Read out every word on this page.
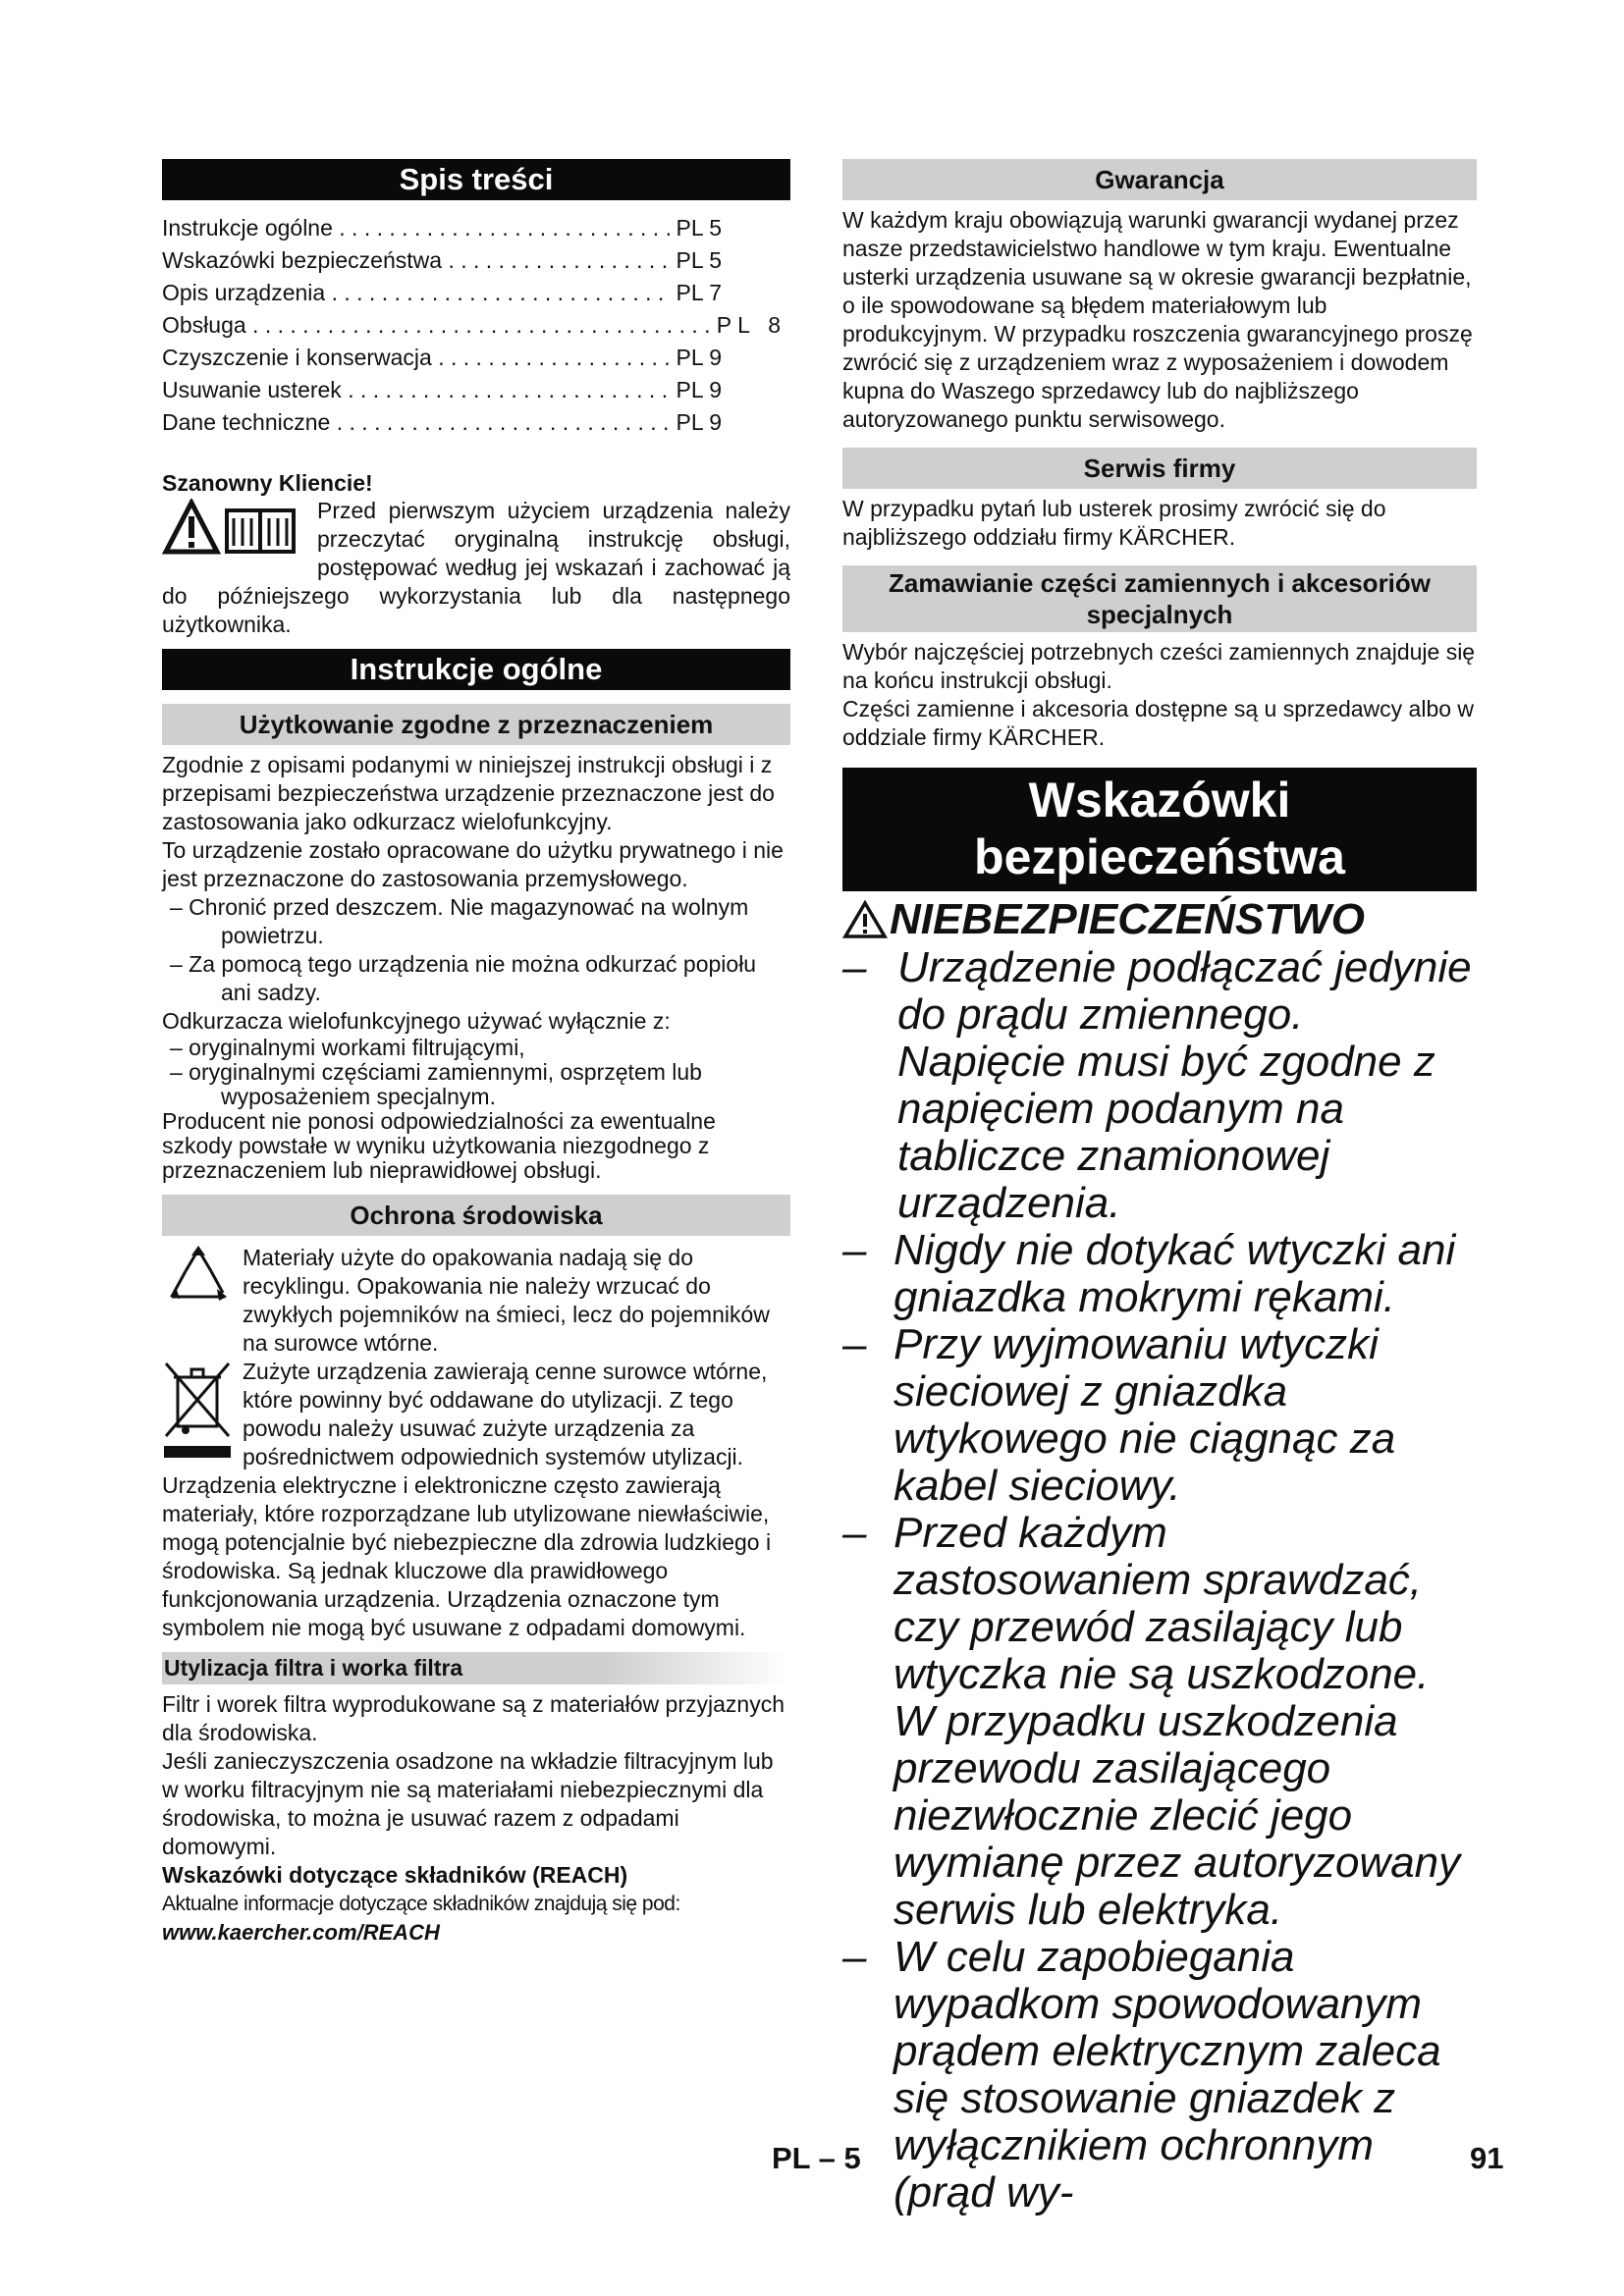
Spis treści
Instrukcje ogólne . . .	PL 5
Wskazówki bezpieczeństwa . . .	PL 5
Opis urządzenia . . .	PL 7
Obsługa . . .	P L   8
Czyszczenie i konserwacja . . .	PL 9
Usuwanie usterek . . .	PL 9
Dane techniczne . . .	PL 9
Szanowny Kliencie!

Przed pierwszym użyciem urządzenia należy przeczytać oryginalną instrukcję obsługi, postępować według jej wskazań i zachować ją do późniejszego wykorzystania lub dla następnego użytkownika.

Instrukcje ogólne
Użytkowanie zgodne z przeznaczeniem

Zgodnie z opisami podanymi w niniejszej instrukcji obsługi i z przepisami bezpieczeństwa urządzenie przeznaczone jest do zastosowania jako odkurzacz wielofunkcyjny.

To urządzenie zostało opracowane do użytku prywatnego i nie jest przeznaczone do zastosowania przemysłowego.

– Chronić przed deszczem. Nie magazynować na wolnym powietrzu.

– Za pomocą tego urządzenia nie można odkurzać popiołu ani sadzy.

Odkurzacza wielofunkcyjnego używać wyłącznie z:

– oryginalnymi workami filtrującymi,

– oryginalnymi częściami zamiennymi, osprzętem lub wyposażeniem specjalnym.

Producent nie ponosi odpowiedzialności za ewentualne szkody powstałe w wyniku użytkowania niezgodnego z przeznaczeniem lub nieprawidłowej obsługi.

Ochrona środowiska

Materiały użyte do opakowania nadają się do recyklingu. Opakowania nie należy wrzucać do zwykłych pojemników na śmieci, lecz do pojemników na surowce wtórne.

Zużyte urządzenia zawierają cenne surowce wtórne, które powinny być oddawane do utylizacji. Z tego powodu należy usuwać zużyte urządzenia za pośrednictwem odpowiednich systemów utylizacji.

Urządzenia elektryczne i elektroniczne często zawierają materiały, które rozporządzane lub utylizowane niewłaściwie, mogą potencjalnie być niebezpieczne dla zdrowia ludzkiego i środowiska. Są jednak kluczowe dla prawidłowego funkcjonowania urządzenia. Urządzenia oznaczone tym symbolem nie mogą być usuwane z odpadami domowymi.

Utylizacja filtra i worka filtra

Filtr i worek filtra wyprodukowane są z materiałów przyjaznych dla środowiska.

Jeśli zanieczyszczenia osadzone na wkładzie filtracyjnym lub w worku filtracyjnym nie są materiałami niebezpiecznymi dla środowiska, to można je usuwać razem z odpadami domowymi.

Wskazówki dotyczące składników (REACH)

Aktualne informacje dotyczące składników znajdują się pod:

www.kaercher.com/REACH
Gwarancja

W każdym kraju obowiązują warunki gwarancji wydanej przez nasze przedstawicielstwo handlowe w tym kraju. Ewentualne usterki urządzenia usuwane są w okresie gwarancji bezpłatnie, o ile spowodowane są błędem materiałowym lub produkcyjnym. W przypadku roszczenia gwarancyjnego proszę zwrócić się z urządzeniem wraz z wyposażeniem i dowodem kupna do Waszego sprzedawcy lub do najbliższego autoryzowanego punktu serwisowego.

Serwis firmy

W przypadku pytań lub usterek prosimy zwrócić się do najbliższego oddziału firmy KÄRCHER.

Zamawianie części zamiennych i akcesoriów specjalnych

Wybór najczęściej potrzebnych cześci zamiennych znajduje się na końcu instrukcji obsługi.

Części zamienne i akcesoria dostępne są u sprzedawcy albo w oddziale firmy KÄRCHER.

Wskazówki bezpieczeństwa
NIEBEZPIECZEŃSTWO
– Urządzenie podłączać jedynie do prądu zmiennego. Napięcie musi być zgodne z napięciem podanym na tabliczce znamionowej urządzenia.
– Nigdy nie dotykać wtyczki ani gniazdka mokrymi rękami.
– Przy wyjmowaniu wtyczki sieciowej z gniazdka wtykowego nie ciągnąc za kabel sieciowy.
– Przed każdym zastosowaniem sprawdzać, czy przewód zasilający lub wtyczka nie są uszkodzone. W przypadku uszkodzenia przewodu zasilającego niezwłocznie zlecić jego wymianę przez autoryzowany serwis lub elektryka.
– W celu zapobiegania wypadkom spowodowanym prądem elektrycznym zaleca się stosowanie gniazdek z wyłącznikiem ochronnym (prąd wy-
PL – 5	91
